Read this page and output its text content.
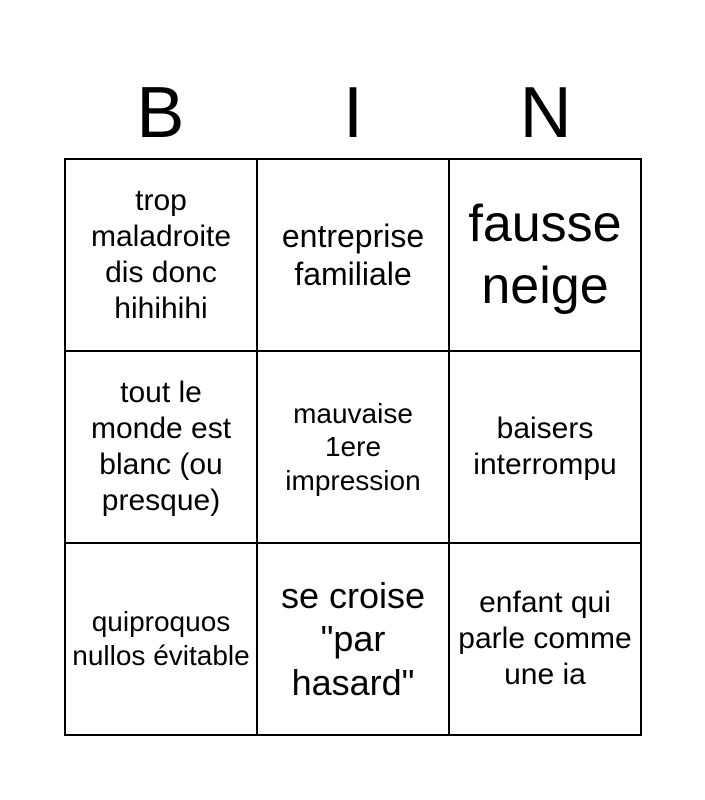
B	I	N
trop maladroite dis donc hihihihi
entreprise familiale
fausse neige
tout le monde est blanc (ou presque)
mauvaise 1ere impression
baisers interrompu
quiproquos nullos évitable
se croise "par hasard"
enfant qui parle comme une ia
